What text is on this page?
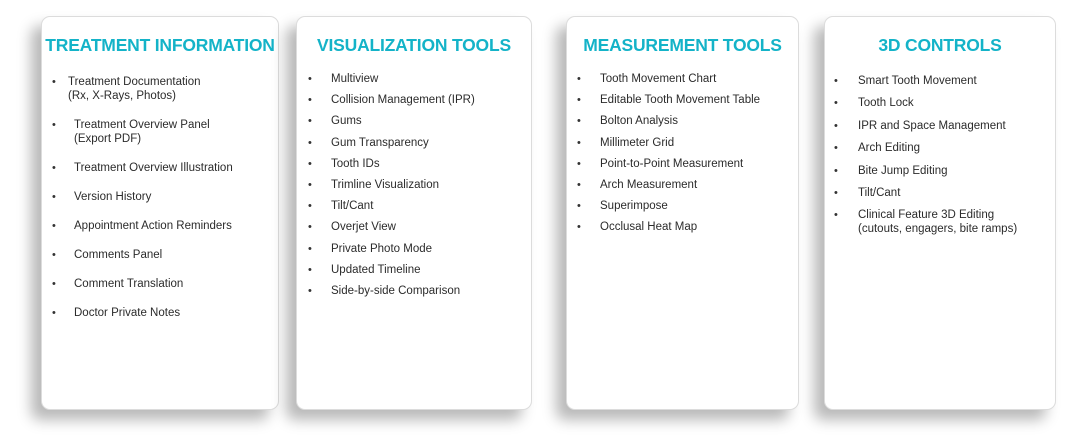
TREATMENT INFORMATION
•	Treatment Documentation
(Rx, X-Rays, Photos)
•	Treatment Overview Panel
(Export PDF)
•	Treatment Overview Illustration
•	Version History
•	Appointment Action Reminders
•	Comments Panel
•	Comment Translation
•	Doctor Private Notes
VISUALIZATION TOOLS
•	Multiview
•	Collision Management (IPR)
•	Gums
•	Gum Transparency
•	Tooth IDs
•	Trimline Visualization
•	Tilt/Cant
•	Overjet View
•	Private Photo Mode
•	Updated Timeline
•	Side-by-side Comparison
MEASUREMENT TOOLS
•	Tooth Movement Chart
•	Editable Tooth Movement Table
•	Bolton Analysis
•	Millimeter Grid
•	Point-to-Point Measurement
•	Arch Measurement
•	Superimpose
•	Occlusal Heat Map
3D CONTROLS
•	Smart Tooth Movement
•	Tooth Lock
•	IPR and Space Management
•	Arch Editing
•	Bite Jump Editing
•	Tilt/Cant
•	Clinical Feature 3D Editing
(cutouts, engagers, bite ramps)
